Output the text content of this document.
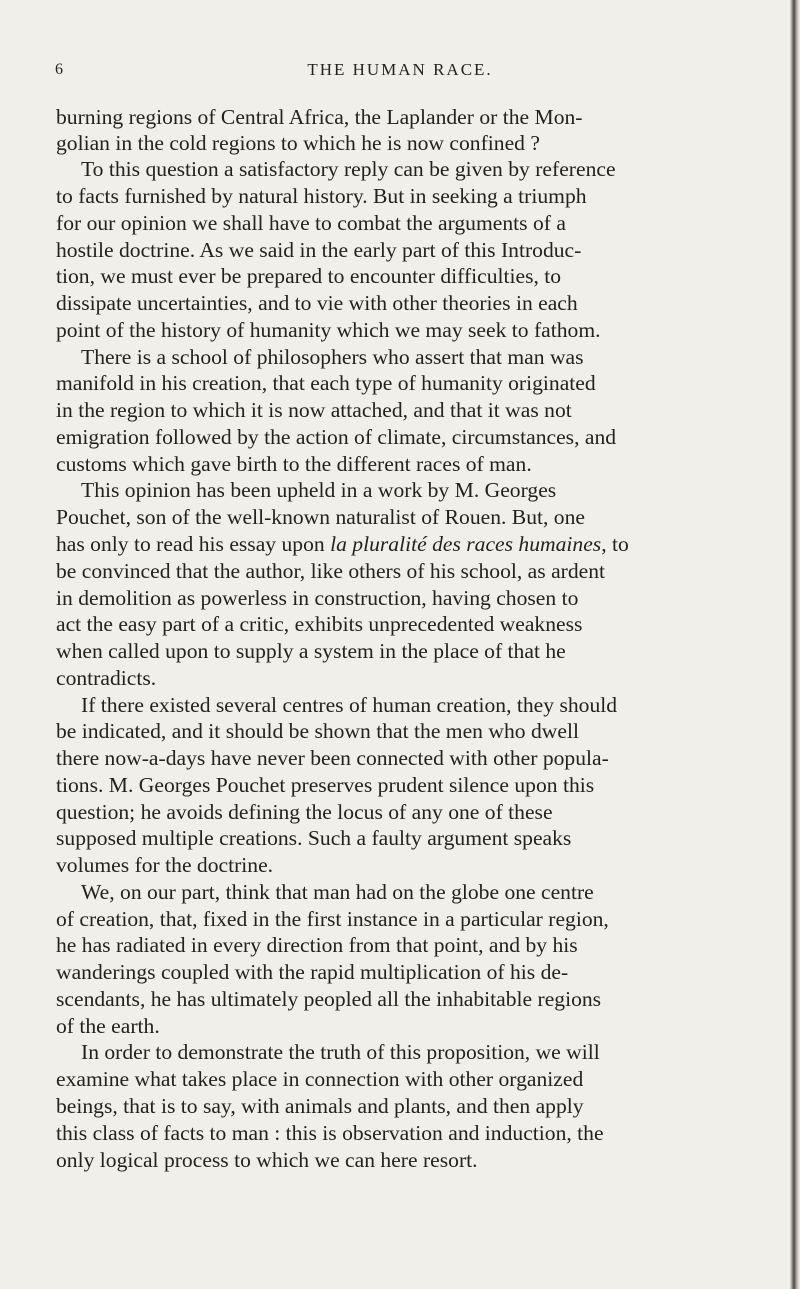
6	THE HUMAN RACE.
burning regions of Central Africa, the Laplander or the Mon-
golian in the cold regions to which he is now confined ?
To this question a satisfactory reply can be given by reference
to facts furnished by natural history. But in seeking a triumph
for our opinion we shall have to combat the arguments of a
hostile doctrine. As we said in the early part of this Introduc-
tion, we must ever be prepared to encounter difficulties, to
dissipate uncertainties, and to vie with other theories in each
point of the history of humanity which we may seek to fathom.
There is a school of philosophers who assert that man was
manifold in his creation, that each type of humanity originated
in the region to which it is now attached, and that it was not
emigration followed by the action of climate, circumstances, and
customs which gave birth to the different races of man.
This opinion has been upheld in a work by M. Georges
Pouchet, son of the well-known naturalist of Rouen. But, one
has only to read his essay upon la pluralité des races humaines, to
be convinced that the author, like others of his school, as ardent
in demolition as powerless in construction, having chosen to
act the easy part of a critic, exhibits unprecedented weakness
when called upon to supply a system in the place of that he
contradicts.
If there existed several centres of human creation, they should
be indicated, and it should be shown that the men who dwell
there now-a-days have never been connected with other popula-
tions. M. Georges Pouchet preserves prudent silence upon this
question; he avoids defining the locus of any one of these
supposed multiple creations. Such a faulty argument speaks
volumes for the doctrine.
We, on our part, think that man had on the globe one centre
of creation, that, fixed in the first instance in a particular region,
he has radiated in every direction from that point, and by his
wanderings coupled with the rapid multiplication of his de-
scendants, he has ultimately peopled all the inhabitable regions
of the earth.
In order to demonstrate the truth of this proposition, we will
examine what takes place in connection with other organized
beings, that is to say, with animals and plants, and then apply
this class of facts to man : this is observation and induction, the
only logical process to which we can here resort.
